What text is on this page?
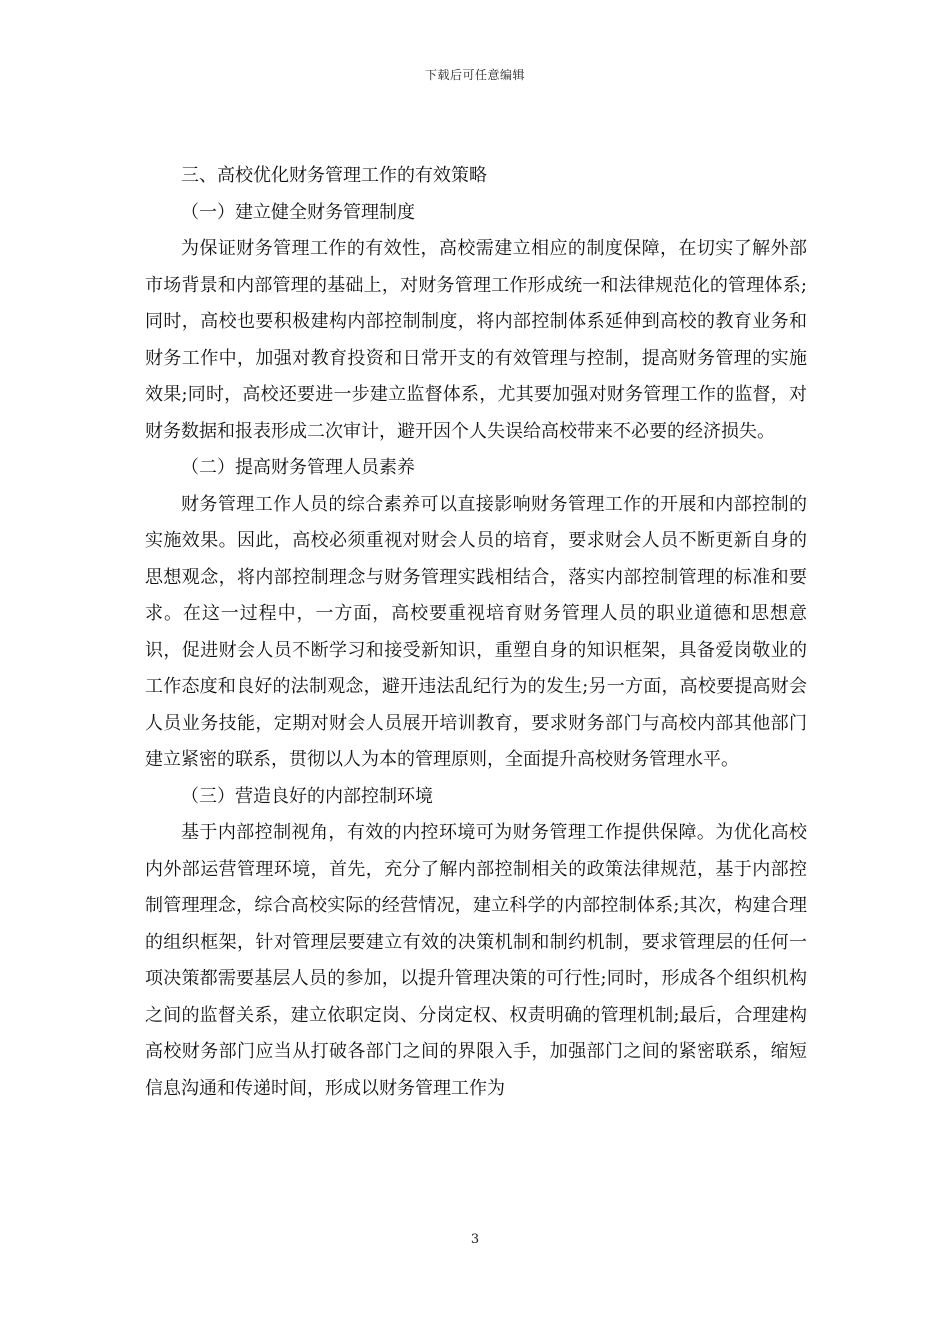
下载后可任意编辑

三、高校优化财务管理工作的有效策略

（一）建立健全财务管理制度

为保证财务管理工作的有效性，高校需建立相应的制度保障，在切实了解外部市场背景和内部管理的基础上，对财务管理工作形成统一和法律规范化的管理体系;同时，高校也要积极建构内部控制制度，将内部控制体系延伸到高校的教育业务和财务工作中，加强对教育投资和日常开支的有效管理与控制，提高财务管理的实施效果;同时，高校还要进一步建立监督体系，尤其要加强对财务管理工作的监督，对财务数据和报表形成二次审计，避开因个人失误给高校带来不必要的经济损失。

（二）提高财务管理人员素养

财务管理工作人员的综合素养可以直接影响财务管理工作的开展和内部控制的实施效果。因此，高校必须重视对财会人员的培育，要求财会人员不断更新自身的思想观念，将内部控制理念与财务管理实践相结合，落实内部控制管理的标准和要求。在这一过程中，一方面，高校要重视培育财务管理人员的职业道德和思想意识，促进财会人员不断学习和接受新知识，重塑自身的知识框架，具备爱岗敬业的工作态度和良好的法制观念，避开违法乱纪行为的发生;另一方面，高校要提高财会人员业务技能，定期对财会人员展开培训教育，要求财务部门与高校内部其他部门建立紧密的联系，贯彻以人为本的管理原则，全面提升高校财务管理水平。

（三）营造良好的内部控制环境

基于内部控制视角，有效的内控环境可为财务管理工作提供保障。为优化高校内外部运营管理环境，首先，充分了解内部控制相关的政策法律规范，基于内部控制管理理念，综合高校实际的经营情况，建立科学的内部控制体系;其次，构建合理的组织框架，针对管理层要建立有效的决策机制和制约机制，要求管理层的任何一项决策都需要基层人员的参加，以提升管理决策的可行性;同时，形成各个组织机构之间的监督关系，建立依职定岗、分岗定权、权责明确的管理机制;最后，合理建构高校财务部门应当从打破各部门之间的界限入手，加强部门之间的紧密联系，缩短信息沟通和传递时间，形成以财务管理工作为

3
